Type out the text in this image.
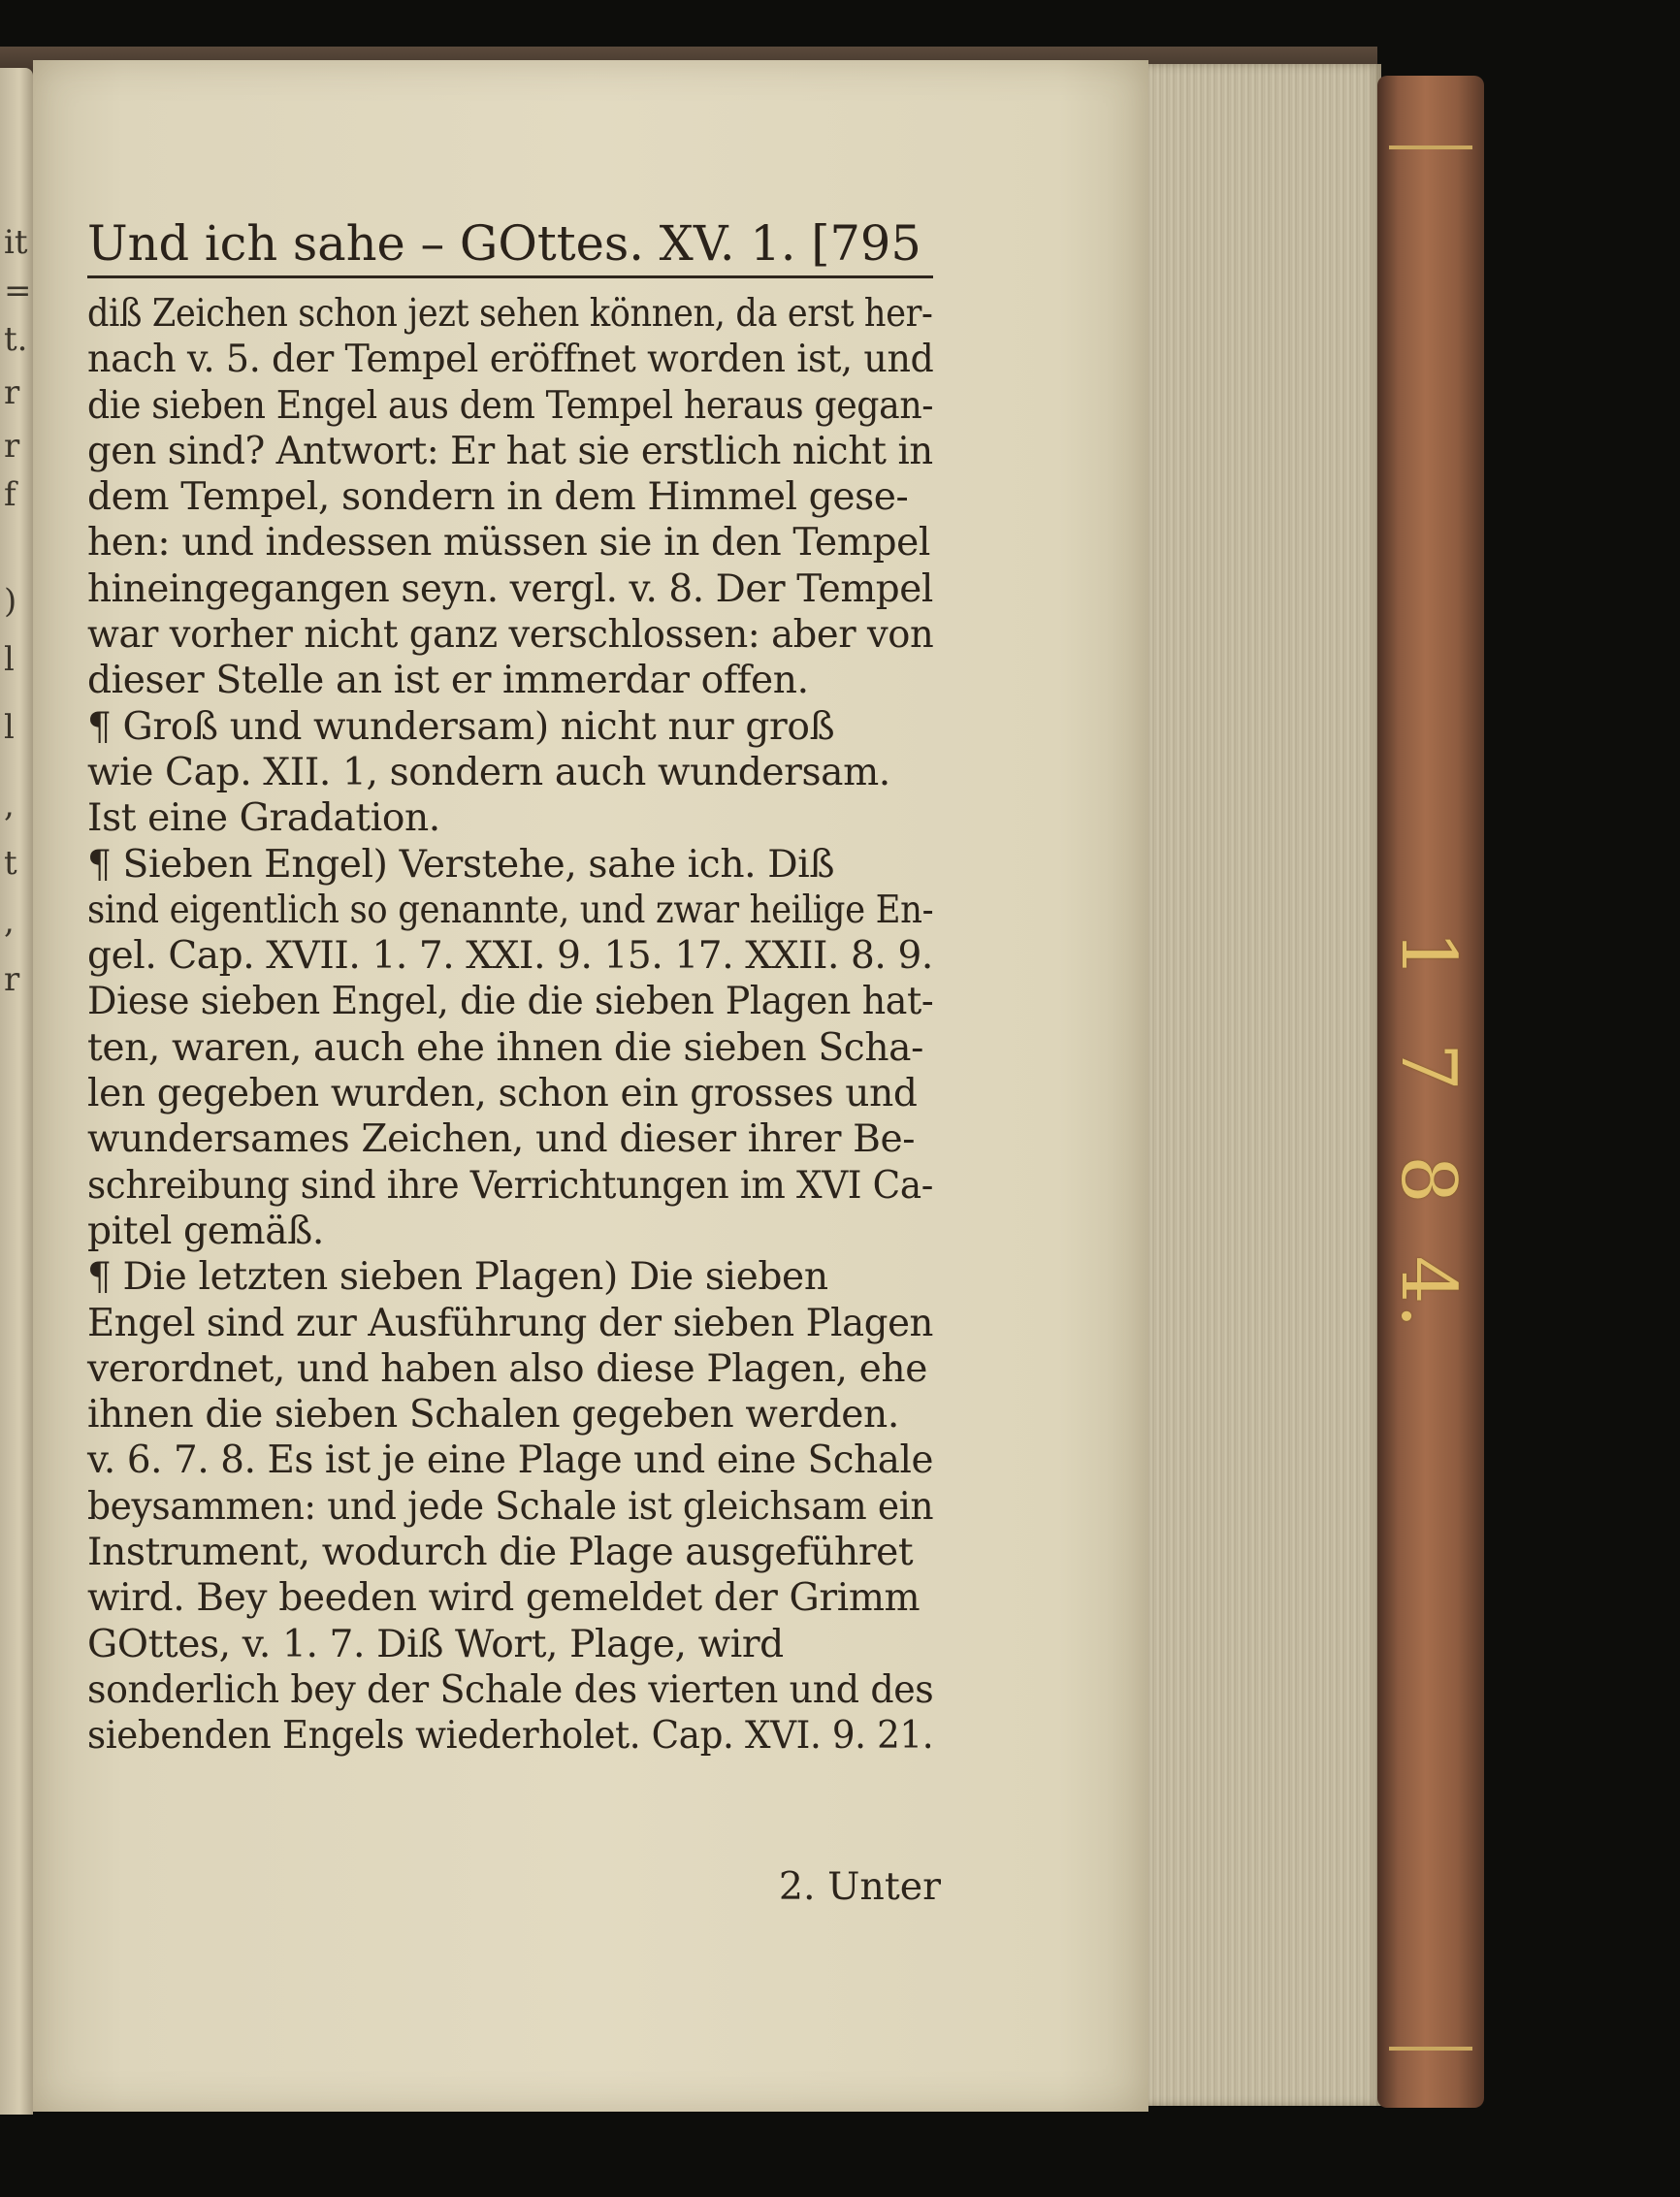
it
=
t.
r
r
f
)
l
l
,
t
,
r
1
7
8
4.
Und ich sahe – GOttes. XV. 1. [795
diß Zeichen schon jezt sehen können, da erst her-
nach v. 5. der Tempel eröffnet worden ist, und
die sieben Engel aus dem Tempel heraus gegan-
gen sind? Antwort: Er hat sie erstlich nicht in
dem Tempel, sondern in dem Himmel gese-
hen: und indessen müssen sie in den Tempel
hineingegangen seyn. vergl. v. 8. Der Tempel
war vorher nicht ganz verschlossen: aber von
dieser Stelle an ist er immerdar offen.
¶ Groß und wundersam) nicht nur groß
wie Cap. XII. 1, sondern auch wundersam.
Ist eine Gradation.
¶ Sieben Engel) Verstehe, sahe ich. Diß
sind eigentlich so genannte, und zwar heilige En-
gel. Cap. XVII. 1. 7. XXI. 9. 15. 17. XXII. 8. 9.
Diese sieben Engel, die die sieben Plagen hat-
ten, waren, auch ehe ihnen die sieben Scha-
len gegeben wurden, schon ein grosses und
wundersames Zeichen, und dieser ihrer Be-
schreibung sind ihre Verrichtungen im XVI Ca-
pitel gemäß.
¶ Die letzten sieben Plagen) Die sieben
Engel sind zur Ausführung der sieben Plagen
verordnet, und haben also diese Plagen, ehe
ihnen die sieben Schalen gegeben werden.
v. 6. 7. 8. Es ist je eine Plage und eine Schale
beysammen: und jede Schale ist gleichsam ein
Instrument, wodurch die Plage ausgeführet
wird. Bey beeden wird gemeldet der Grimm
GOttes, v. 1. 7. Diß Wort, Plage, wird
sonderlich bey der Schale des vierten und des
siebenden Engels wiederholet. Cap. XVI. 9. 21.
2. Unter
